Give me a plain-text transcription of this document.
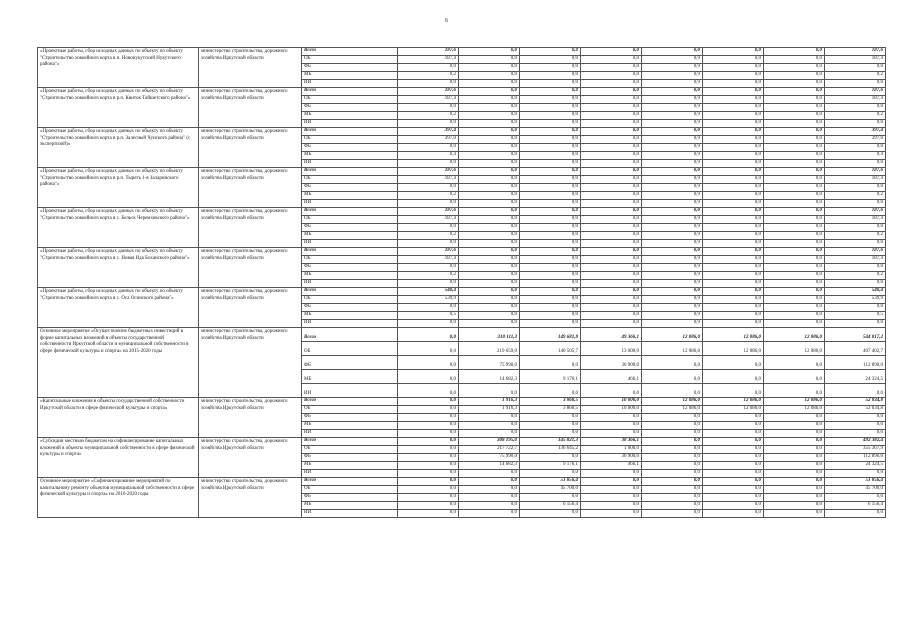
6
«Проектные работы, сбор исходных данных по объекту по объекту "Строительство хоккейного корта в п. Новонукутский Нукутского района"»	министерство строительства, дорожного хозяйства Иркутской области	Всего	187,6	0,0	0,0	0,0	0,0	0,0	0,0	187,6
		ОБ	187,4	0,0	0,0	0,0	0,0	0,0	0,0	187,4
		ФБ	0,0	0,0	0,0	0,0	0,0	0,0	0,0	0,0
		МБ	0,2	0,0	0,0	0,0	0,0	0,0	0,0	0,2
		ИИ	0,0	0,0	0,0	0,0	0,0	0,0	0,0	0,0
«Проектные работы, сбор исходных данных по объекту по объекту "Строительство хоккейного корта в р.п. Квиток Тайшетского района"»	министерство строительства, дорожного хозяйства Иркутской области	Всего	187,6	0,0	0,0	0,0	0,0	0,0	0,0	187,6
		ОБ	187,4	0,0	0,0	0,0	0,0	0,0	0,0	187,4
		ФБ	0,0	0,0	0,0	0,0	0,0	0,0	0,0	0,0
		МБ	0,2	0,0	0,0	0,0	0,0	0,0	0,0	0,2
		ИИ	0,0	0,0	0,0	0,0	0,0	0,0	0,0	0,0
«Проектные работы, сбор исходных данных по объекту по объекту "Строительство хоккейного корта в р.п. Залесный Чунского района" (с экспертизой)»	министерство строительства, дорожного хозяйства Иркутской области	Всего	397,4	0,0	0,0	0,0	0,0	0,0	0,0	397,4
		ОБ	397,0	0,0	0,0	0,0	0,0	0,0	0,0	397,0
		ФБ	0,0	0,0	0,0	0,0	0,0	0,0	0,0	0,0
		МБ	0,4	0,0	0,0	0,0	0,0	0,0	0,0	0,4
		ИИ	0,0	0,0	0,0	0,0	0,0	0,0	0,0	0,0
«Проектные работы, сбор исходных данных по объекту по объекту "Строительство хоккейного корта в р.п. Тыреть 1-я Заларинского района"»	министерство строительства, дорожного хозяйства Иркутской области	Всего	187,6	0,0	0,0	0,0	0,0	0,0	0,0	187,6
		ОБ	187,4	0,0	0,0	0,0	0,0	0,0	0,0	187,4
		ФБ	0,0	0,0	0,0	0,0	0,0	0,0	0,0	0,0
		МБ	0,2	0,0	0,0	0,0	0,0	0,0	0,0	0,2
		ИИ	0,0	0,0	0,0	0,0	0,0	0,0	0,0	0,0
«Проектные работы, сбор исходных данных по объекту по объекту "Строительство хоккейного корта в с. Бельск Черемховского района"»	министерство строительства, дорожного хозяйства Иркутской области	Всего	187,6	0,0	0,0	0,0	0,0	0,0	0,0	187,6
		ОБ	187,4	0,0	0,0	0,0	0,0	0,0	0,0	187,4
		ФБ	0,0	0,0	0,0	0,0	0,0	0,0	0,0	0,0
		МБ	0,2	0,0	0,0	0,0	0,0	0,0	0,0	0,2
		ИИ	0,0	0,0	0,0	0,0	0,0	0,0	0,0	0,0
«Проектные работы, сбор исходных данных по объекту по объекту "Строительство хоккейного корта в с. Новая Ида Боханского района"»	министерство строительства, дорожного хозяйства Иркутской области	Всего	187,6	0,0	0,0	0,0	0,0	0,0	0,0	187,6
		ОБ	187,4	0,0	0,0	0,0	0,0	0,0	0,0	187,4
		ФБ	0,0	0,0	0,0	0,0	0,0	0,0	0,0	0,0
		МБ	0,2	0,0	0,0	0,0	0,0	0,0	0,0	0,2
		ИИ	0,0	0,0	0,0	0,0	0,0	0,0	0,0	0,0
«Проектные работы, сбор исходных данных по объекту по объекту "Строительство хоккейного корта в с. Оса Осинского района"»	министерство строительства, дорожного хозяйства Иркутской области	Всего	540,4	0,0	0,0	0,0	0,0	0,0	0,0	540,4
		ОБ	539,9	0,0	0,0	0,0	0,0	0,0	0,0	539,9
		ФБ	0,0	0,0	0,0	0,0	0,0	0,0	0,0	0,0
		МБ	0,5	0,0	0,0	0,0	0,0	0,0	0,0	0,5
		ИИ	0,0	0,0	0,0	0,0	0,0	0,0	0,0	0,0
Основное мероприятие «Осуществление бюджетных инвестиций в форме капитальных вложений в объекты государственной собственности Иркутской области и муниципальной собственности в сфере физической культуры и спорта» на 2015-2020 годы	министерство строительства, дорожного хозяйства Иркутской области	Всего	0,0	310 111,3	149 681,8	49 366,1	12 086,0	12 086,0	12 086,0	544 017,2
		ОБ	0,0	219 659,0	140 505,7	13 000,0	12 086,0	12 086,0	12 086,0	407 402,7
		ФБ	0,0	75 990,0	0,0	36 900,0	0,0	0,0	0,0	112 890,0
		МБ	0,0	14 682,3	9 176,1	466,1	0,0	0,0	0,0	24 324,5
		ИИ	0,0	0,0	0,0	0,0	0,0	0,0	0,0	0,0
«Капитальные вложения в объекты государственной собственности Иркутской области в сфере физической культуры и спорта»	министерство строительства, дорожного хозяйства Иркутской области	Всего	0,0	1 916,3	3 860,5	10 000,0	12 086,0	12 086,0	12 086,0	52 034,8
		ОБ	0,0	1 916,3	3 860,5	10 000,0	12 086,0	12 086,0	12 086,0	52 034,8
		ФБ	0,0	0,0	0,0	0,0	0,0	0,0	0,0	0,0
		МБ	0,0	0,0	0,0	0,0	0,0	0,0	0,0	0,0
		ИИ	0,0	0,0	0,0	0,0	0,0	0,0	0,0	0,0
«Субсидии местным бюджетам на софинансирование капитальных вложений в объекты муниципальной собственности в сфере физической культуры и спорта»	министерство строительства, дорожного хозяйства Иркутской области	Всего	0,0	308 195,0	145 821,3	38 366,1	0,0	0,0	0,0	492 382,4
		ОБ	0,0	217 722,7	136 645,2	1 000,0	0,0	0,0	0,0	355 367,9
		ФБ	0,0	75 990,0	0,0	36 900,0	0,0	0,0	0,0	112 890,0
		МБ	0,0	14 682,3	9 176,1	466,1	0,0	0,0	0,0	24 324,5
		ИИ	0,0	0,0	0,0	0,0	0,0	0,0	0,0	0,0
Основное мероприятие «Софинансирование мероприятий по капитальному ремонту объектов муниципальной собственности в сфере физической культуры и спорта» на 2016-2020 годы	министерство строительства, дорожного хозяйства Иркутской области	Всего	0,0	0,0	51 856,4	0,0	0,0	0,0	0,0	51 856,4
		ОБ	0,0	0,0	45 700,0	0,0	0,0	0,0	0,0	45 700,0
		ФБ	0,0	0,0	0,0	0,0	0,0	0,0	0,0	0,0
		МБ	0,0	0,0	6 156,4	0,0	0,0	0,0	0,0	6 156,4
		ИИ	0,0	0,0	0,0	0,0	0,0	0,0	0,0	0,0
